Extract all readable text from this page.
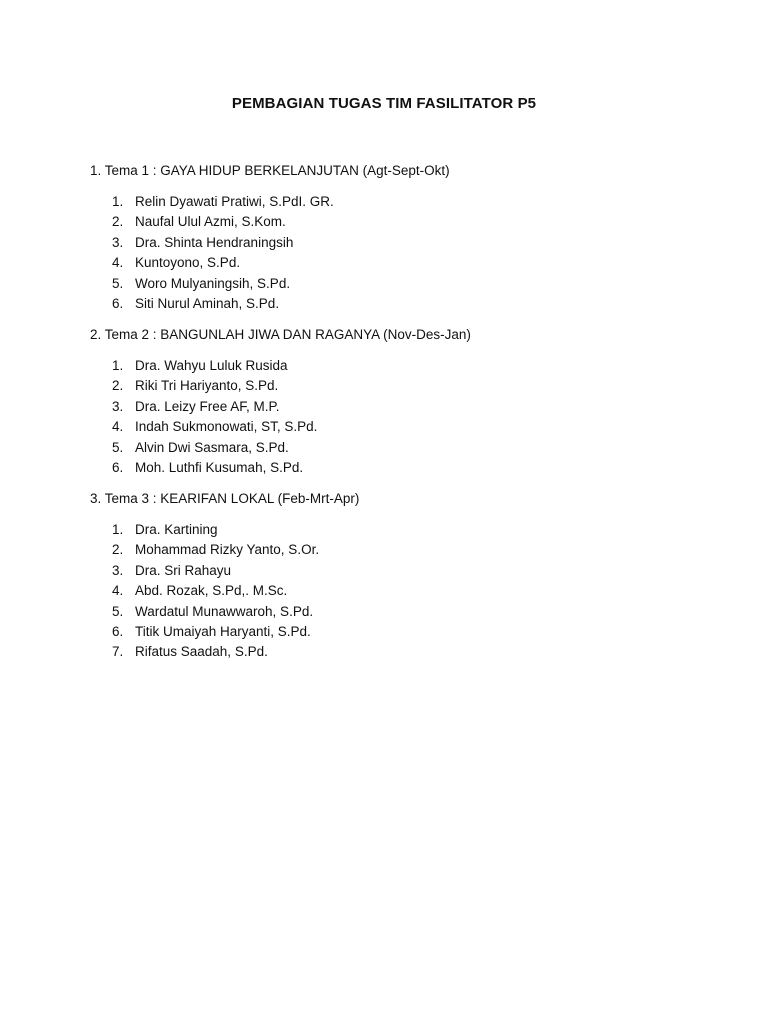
PEMBAGIAN TUGAS TIM FASILITATOR P5
1. Tema 1 : GAYA HIDUP BERKELANJUTAN (Agt-Sept-Okt)
1. Relin Dyawati Pratiwi, S.PdI. GR.
2. Naufal Ulul Azmi, S.Kom.
3. Dra. Shinta Hendraningsih
4. Kuntoyono, S.Pd.
5. Woro Mulyaningsih, S.Pd.
6. Siti Nurul Aminah, S.Pd.
2. Tema 2 : BANGUNLAH JIWA DAN RAGANYA (Nov-Des-Jan)
1. Dra. Wahyu Luluk Rusida
2. Riki Tri Hariyanto, S.Pd.
3. Dra. Leizy Free AF, M.P.
4. Indah Sukmonowati, ST, S.Pd.
5. Alvin Dwi Sasmara, S.Pd.
6. Moh. Luthfi Kusumah, S.Pd.
3. Tema 3 : KEARIFAN LOKAL (Feb-Mrt-Apr)
1. Dra. Kartining
2. Mohammad Rizky Yanto, S.Or.
3. Dra. Sri Rahayu
4. Abd. Rozak, S.Pd,. M.Sc.
5. Wardatul Munawwaroh, S.Pd.
6. Titik Umaiyah Haryanti, S.Pd.
7. Rifatus Saadah, S.Pd.
